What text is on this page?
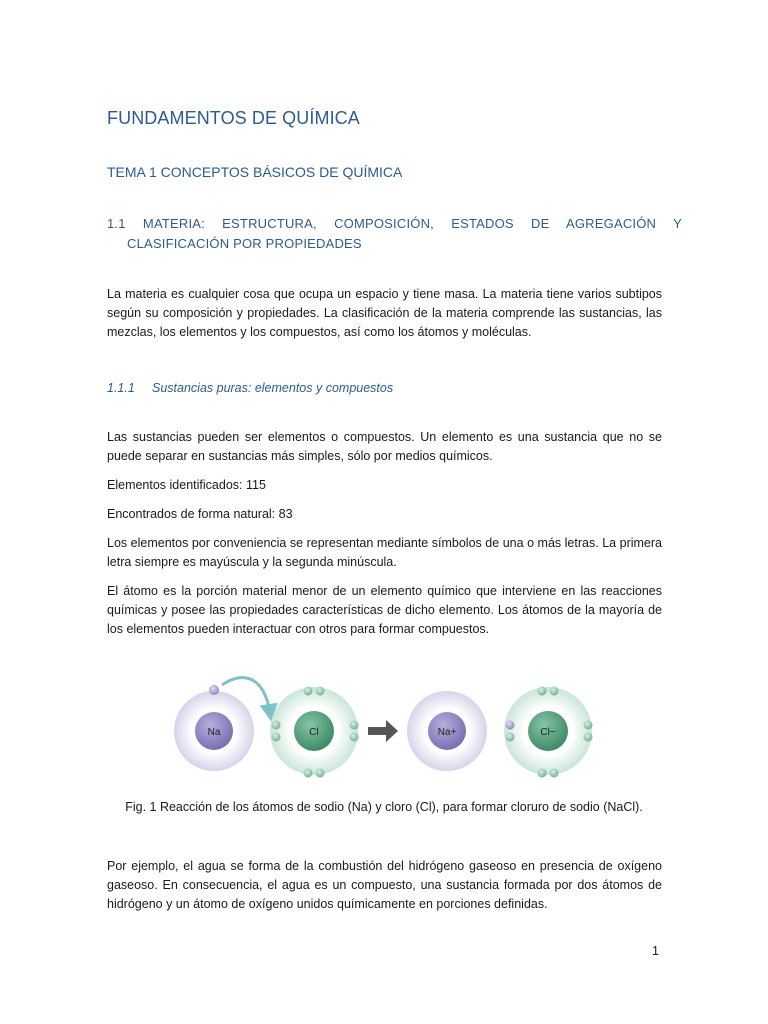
FUNDAMENTOS DE QUÍMICA
TEMA 1 CONCEPTOS BÁSICOS DE QUÍMICA
1.1 MATERIA: ESTRUCTURA, COMPOSICIÓN, ESTADOS DE AGREGACIÓN Y CLASIFICACIÓN POR PROPIEDADES

La materia es cualquier cosa que ocupa un espacio y tiene masa. La materia tiene varios subtipos según su composición y propiedades. La clasificación de la materia comprende las sustancias, las mezclas, los elementos y los compuestos, así como los átomos y moléculas.

1.1.1 Sustancias puras: elementos y compuestos

Las sustancias pueden ser elementos o compuestos. Un elemento es una sustancia que no se puede separar en sustancias más simples, sólo por medios químicos.

Elementos identificados: 115

Encontrados de forma natural: 83

Los elementos por conveniencia se representan mediante símbolos de una o más letras. La primera letra siempre es mayúscula y la segunda minúscula.

El átomo es la porción material menor de un elemento químico que interviene en las reacciones químicas y posee las propiedades características de dicho elemento. Los átomos de la mayoría de los elementos pueden interactuar con otros para formar compuestos.

Na	Cl	Na+	Cl−
Fig. 1 Reacción de los átomos de sodio (Na) y cloro (Cl), para formar cloruro de sodio (NaCl).

Por ejemplo, el agua se forma de la combustión del hidrógeno gaseoso en presencia de oxígeno gaseoso. En consecuencia, el agua es un compuesto, una sustancia formada por dos átomos de hidrógeno y un átomo de oxígeno unidos químicamente en porciones definidas.

1
